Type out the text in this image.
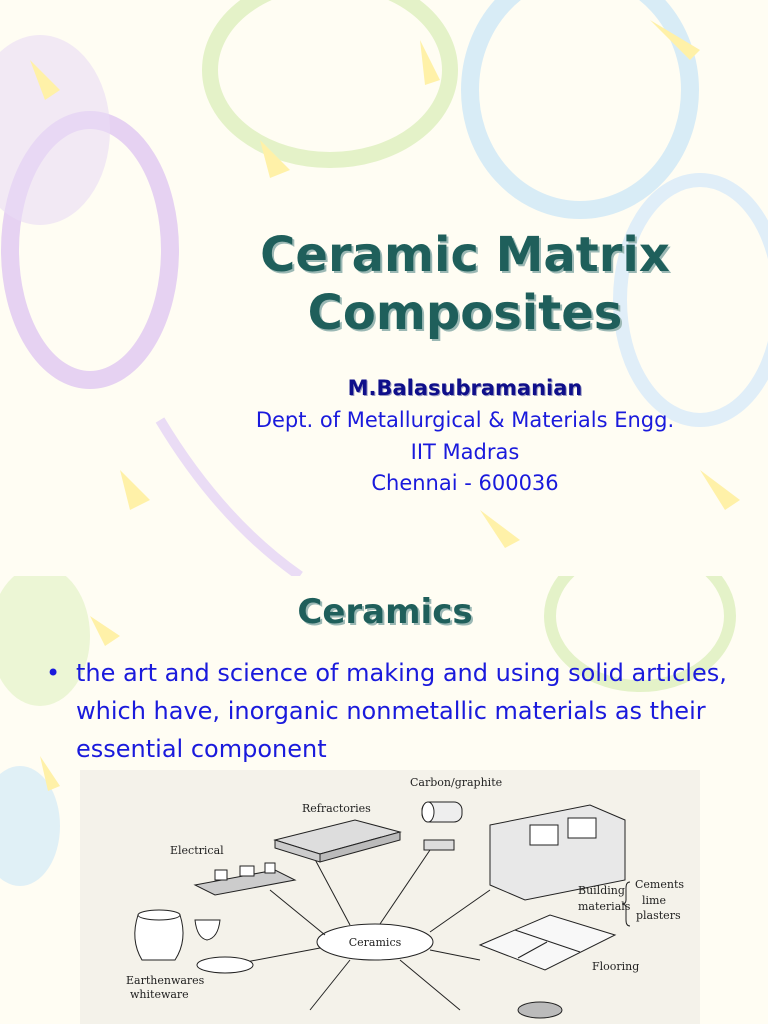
Ceramic Matrix
Composites
M.Balasubramanian
Dept. of Metallurgical & Materials Engg.
IIT Madras
Chennai - 600036
Ceramics
• the art and science of making and using solid articles, which have, inorganic nonmetallic materials as their essential component
Ceramics
Carbon/graphite
Refractories
Electrical
Building
materials
Cements
lime
plasters
Flooring
Earthenwares
whiteware
